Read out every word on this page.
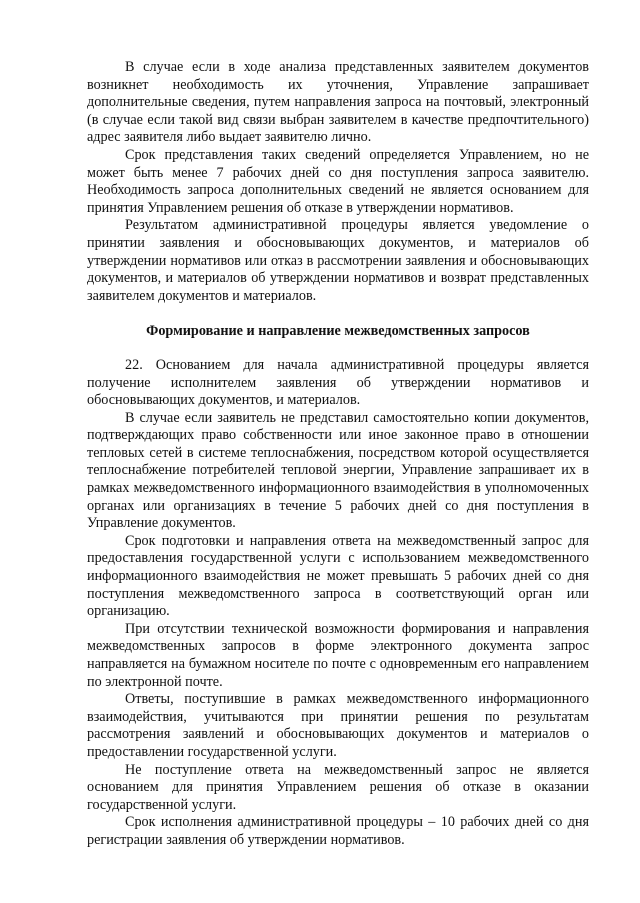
В случае если в ходе анализа представленных заявителем документов возникнет необходимость их уточнения, Управление запрашивает дополнительные сведения, путем направления запроса на почтовый, электронный (в случае если такой вид связи выбран заявителем в качестве предпочтительного) адрес заявителя либо выдает заявителю лично.

Срок представления таких сведений определяется Управлением, но не может быть менее 7 рабочих дней со дня поступления запроса заявителю. Необходимость запроса дополнительных сведений не является основанием для принятия Управлением решения об отказе в утверждении нормативов.

Результатом административной процедуры является уведомление о принятии заявления и обосновывающих документов, и материалов об утверждении нормативов или отказ в рассмотрении заявления и обосновывающих документов, и материалов об утверждении нормативов и возврат представленных заявителем документов и материалов.

Формирование и направление межведомственных запросов

22. Основанием для начала административной процедуры является получение исполнителем заявления об утверждении нормативов и обосновывающих документов, и материалов.

В случае если заявитель не представил самостоятельно копии документов, подтверждающих право собственности или иное законное право в отношении тепловых сетей в системе теплоснабжения, посредством которой осуществляется теплоснабжение потребителей тепловой энергии, Управление запрашивает их в рамках межведомственного информационного взаимодействия в уполномоченных органах или организациях в течение 5 рабочих дней со дня поступления в Управление документов.

Срок подготовки и направления ответа на межведомственный запрос для предоставления государственной услуги с использованием межведомственного информационного взаимодействия не может превышать 5 рабочих дней со дня поступления межведомственного запроса в соответствующий орган или организацию.

При отсутствии технической возможности формирования и направления межведомственных запросов в форме электронного документа запрос направляется на бумажном носителе по почте с одновременным его направлением по электронной почте.

Ответы, поступившие в рамках межведомственного информационного взаимодействия, учитываются при принятии решения по результатам рассмотрения заявлений и обосновывающих документов и материалов о предоставлении государственной услуги.

Не поступление ответа на межведомственный запрос не является основанием для принятия Управлением решения об отказе в оказании государственной услуги.

Срок исполнения административной процедуры – 10 рабочих дней со дня регистрации заявления об утверждении нормативов.
